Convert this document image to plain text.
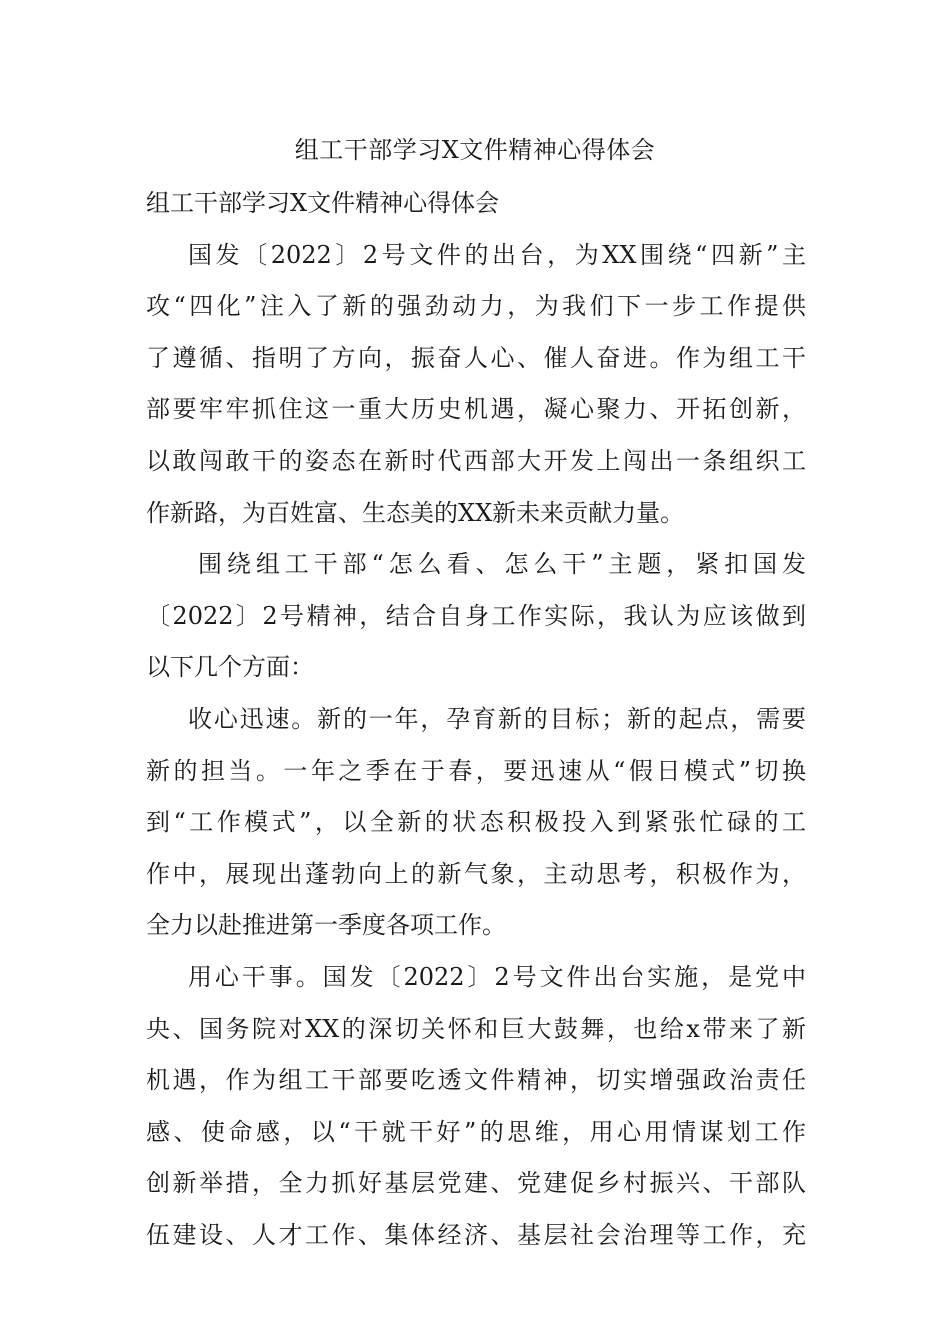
组工干部学习X文件精神心得体会
组工干部学习X文件精神心得体会
国发〔2022〕2号文件的出台，为XX围绕“四新”主
攻“四化”注入了新的强劲动力，为我们下一步工作提供
了遵循、指明了方向，振奋人心、催人奋进。作为组工干
部要牢牢抓住这一重大历史机遇，凝心聚力、开拓创新，
以敢闯敢干的姿态在新时代西部大开发上闯出一条组织工
作新路，为百姓富、生态美的XX新未来贡献力量。
围绕组工干部“怎么看、怎么干”主题，紧扣国发
〔2022〕2号精神，结合自身工作实际，我认为应该做到
以下几个方面：
收心迅速。新的一年，孕育新的目标；新的起点，需要
新的担当。一年之季在于春，要迅速从“假日模式”切换
到“工作模式”，以全新的状态积极投入到紧张忙碌的工
作中，展现出蓬勃向上的新气象，主动思考，积极作为，
全力以赴推进第一季度各项工作。
用心干事。国发〔2022〕2号文件出台实施，是党中
央、国务院对XX的深切关怀和巨大鼓舞，也给x带来了新
机遇，作为组工干部要吃透文件精神，切实增强政治责任
感、使命感，以“干就干好”的思维，用心用情谋划工作
创新举措，全力抓好基层党建、党建促乡村振兴、干部队
伍建设、人才工作、集体经济、基层社会治理等工作，充
